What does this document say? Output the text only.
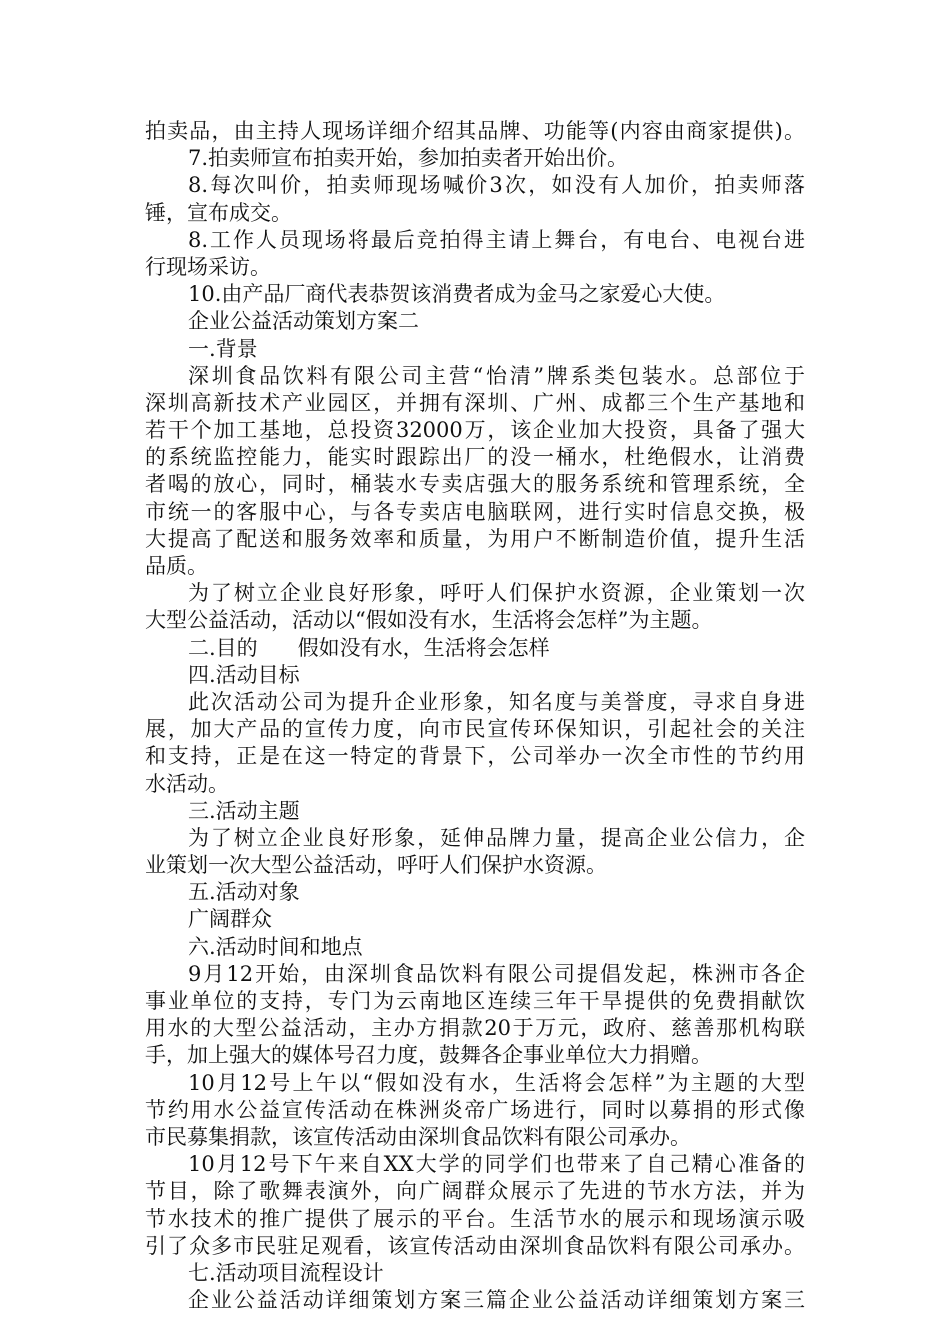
拍卖品，由主持人现场详细介绍其品牌、功能等(内容由商家提供)。
7.拍卖师宣布拍卖开始，参加拍卖者开始出价。
8.每次叫价，拍卖师现场喊价3次，如没有人加价，拍卖师落
锤，宣布成交。
8.工作人员现场将最后竞拍得主请上舞台，有电台、电视台进
行现场采访。
10.由产品厂商代表恭贺该消费者成为金马之家爱心大使。
企业公益活动策划方案二
一.背景
深圳食品饮料有限公司主营“怡清”牌系类包装水。总部位于
深圳高新技术产业园区，并拥有深圳、广州、成都三个生产基地和
若干个加工基地，总投资32000万，该企业加大投资，具备了强大
的系统监控能力，能实时跟踪出厂的没一桶水，杜绝假水，让消费
者喝的放心，同时，桶装水专卖店强大的服务系统和管理系统，全
市统一的客服中心，与各专卖店电脑联网，进行实时信息交换，极
大提高了配送和服务效率和质量，为用户不断制造价值，提升生活
品质。
为了树立企业良好形象，呼吁人们保护水资源，企业策划一次
大型公益活动，活动以“假如没有水，生活将会怎样”为主题。
二.目的 假如没有水，生活将会怎样
四.活动目标
此次活动公司为提升企业形象，知名度与美誉度，寻求自身进
展，加大产品的宣传力度，向市民宣传环保知识，引起社会的关注
和支持，正是在这一特定的背景下，公司举办一次全市性的节约用
水活动。
三.活动主题
为了树立企业良好形象，延伸品牌力量，提高企业公信力，企
业策划一次大型公益活动，呼吁人们保护水资源。
五.活动对象
广阔群众
六.活动时间和地点
9月12开始，由深圳食品饮料有限公司提倡发起，株洲市各企
事业单位的支持，专门为云南地区连续三年干旱提供的免费捐献饮
用水的大型公益活动，主办方捐款20于万元，政府、慈善那机构联
手，加上强大的媒体号召力度，鼓舞各企事业单位大力捐赠。
10月12号上午以“假如没有水，生活将会怎样”为主题的大型
节约用水公益宣传活动在株洲炎帝广场进行，同时以募捐的形式像
市民募集捐款，该宣传活动由深圳食品饮料有限公司承办。
10月12号下午来自XX大学的同学们也带来了自己精心准备的
节目，除了歌舞表演外，向广阔群众展示了先进的节水方法，并为
节水技术的推广提供了展示的平台。生活节水的展示和现场演示吸
引了众多市民驻足观看，该宣传活动由深圳食品饮料有限公司承办。
七.活动项目流程设计
企业公益活动详细策划方案三篇企业公益活动详细策划方案三
